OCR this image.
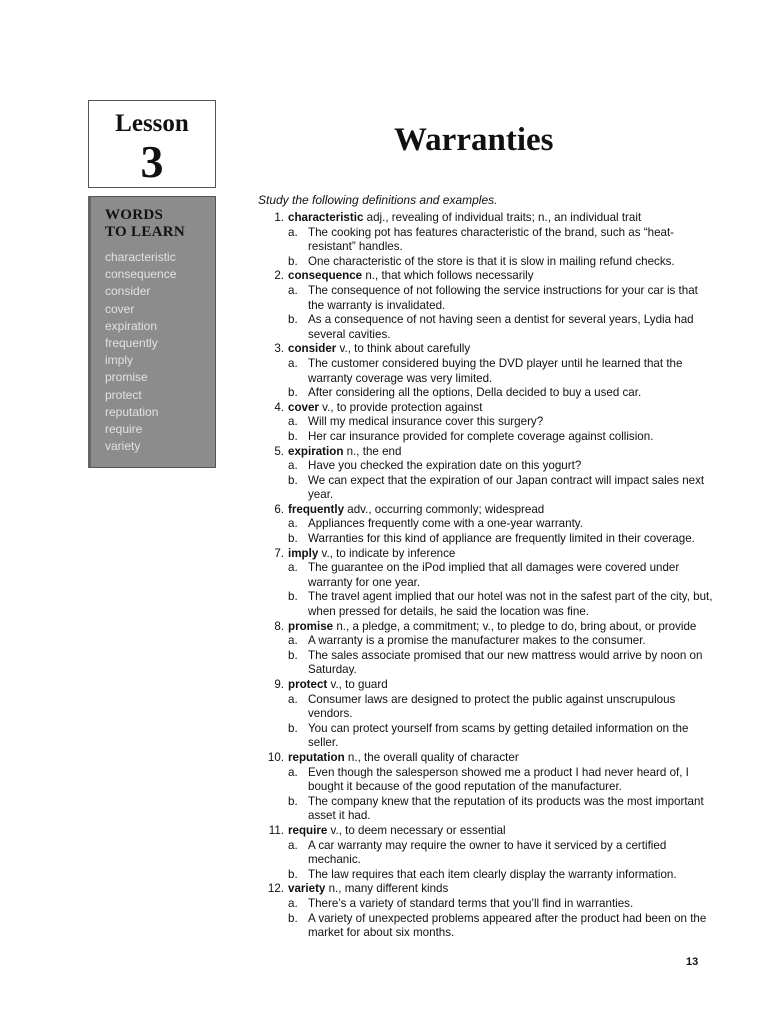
Lesson
3
WORDS
TO LEARN
characteristic
consequence
consider
cover
expiration
frequently
imply
promise
protect
reputation
require
variety
Warranties
Study the following definitions and examples.
1. characteristic adj., revealing of individual traits; n., an individual trait
a. The cooking pot has features characteristic of the brand, such as “heat-resistant” handles.
b. One characteristic of the store is that it is slow in mailing refund checks.
2. consequence n., that which follows necessarily
a. The consequence of not following the service instructions for your car is that the warranty is invalidated.
b. As a consequence of not having seen a dentist for several years, Lydia had several cavities.
3. consider v., to think about carefully
a. The customer considered buying the DVD player until he learned that the warranty coverage was very limited.
b. After considering all the options, Della decided to buy a used car.
4. cover v., to provide protection against
a. Will my medical insurance cover this surgery?
b. Her car insurance provided for complete coverage against collision.
5. expiration n., the end
a. Have you checked the expiration date on this yogurt?
b. We can expect that the expiration of our Japan contract will impact sales next year.
6. frequently adv., occurring commonly; widespread
a. Appliances frequently come with a one-year warranty.
b. Warranties for this kind of appliance are frequently limited in their coverage.
7. imply v., to indicate by inference
a. The guarantee on the iPod implied that all damages were covered under warranty for one year.
b. The travel agent implied that our hotel was not in the safest part of the city, but, when pressed for details, he said the location was fine.
8. promise n., a pledge, a commitment; v., to pledge to do, bring about, or provide
a. A warranty is a promise the manufacturer makes to the consumer.
b. The sales associate promised that our new mattress would arrive by noon on Saturday.
9. protect v., to guard
a. Consumer laws are designed to protect the public against unscrupulous vendors.
b. You can protect yourself from scams by getting detailed information on the seller.
10. reputation n., the overall quality of character
a. Even though the salesperson showed me a product I had never heard of, I bought it because of the good reputation of the manufacturer.
b. The company knew that the reputation of its products was the most important asset it had.
11. require v., to deem necessary or essential
a. A car warranty may require the owner to have it serviced by a certified mechanic.
b. The law requires that each item clearly display the warranty information.
12. variety n., many different kinds
a. There’s a variety of standard terms that you’ll find in warranties.
b. A variety of unexpected problems appeared after the product had been on the market for about six months.
13
